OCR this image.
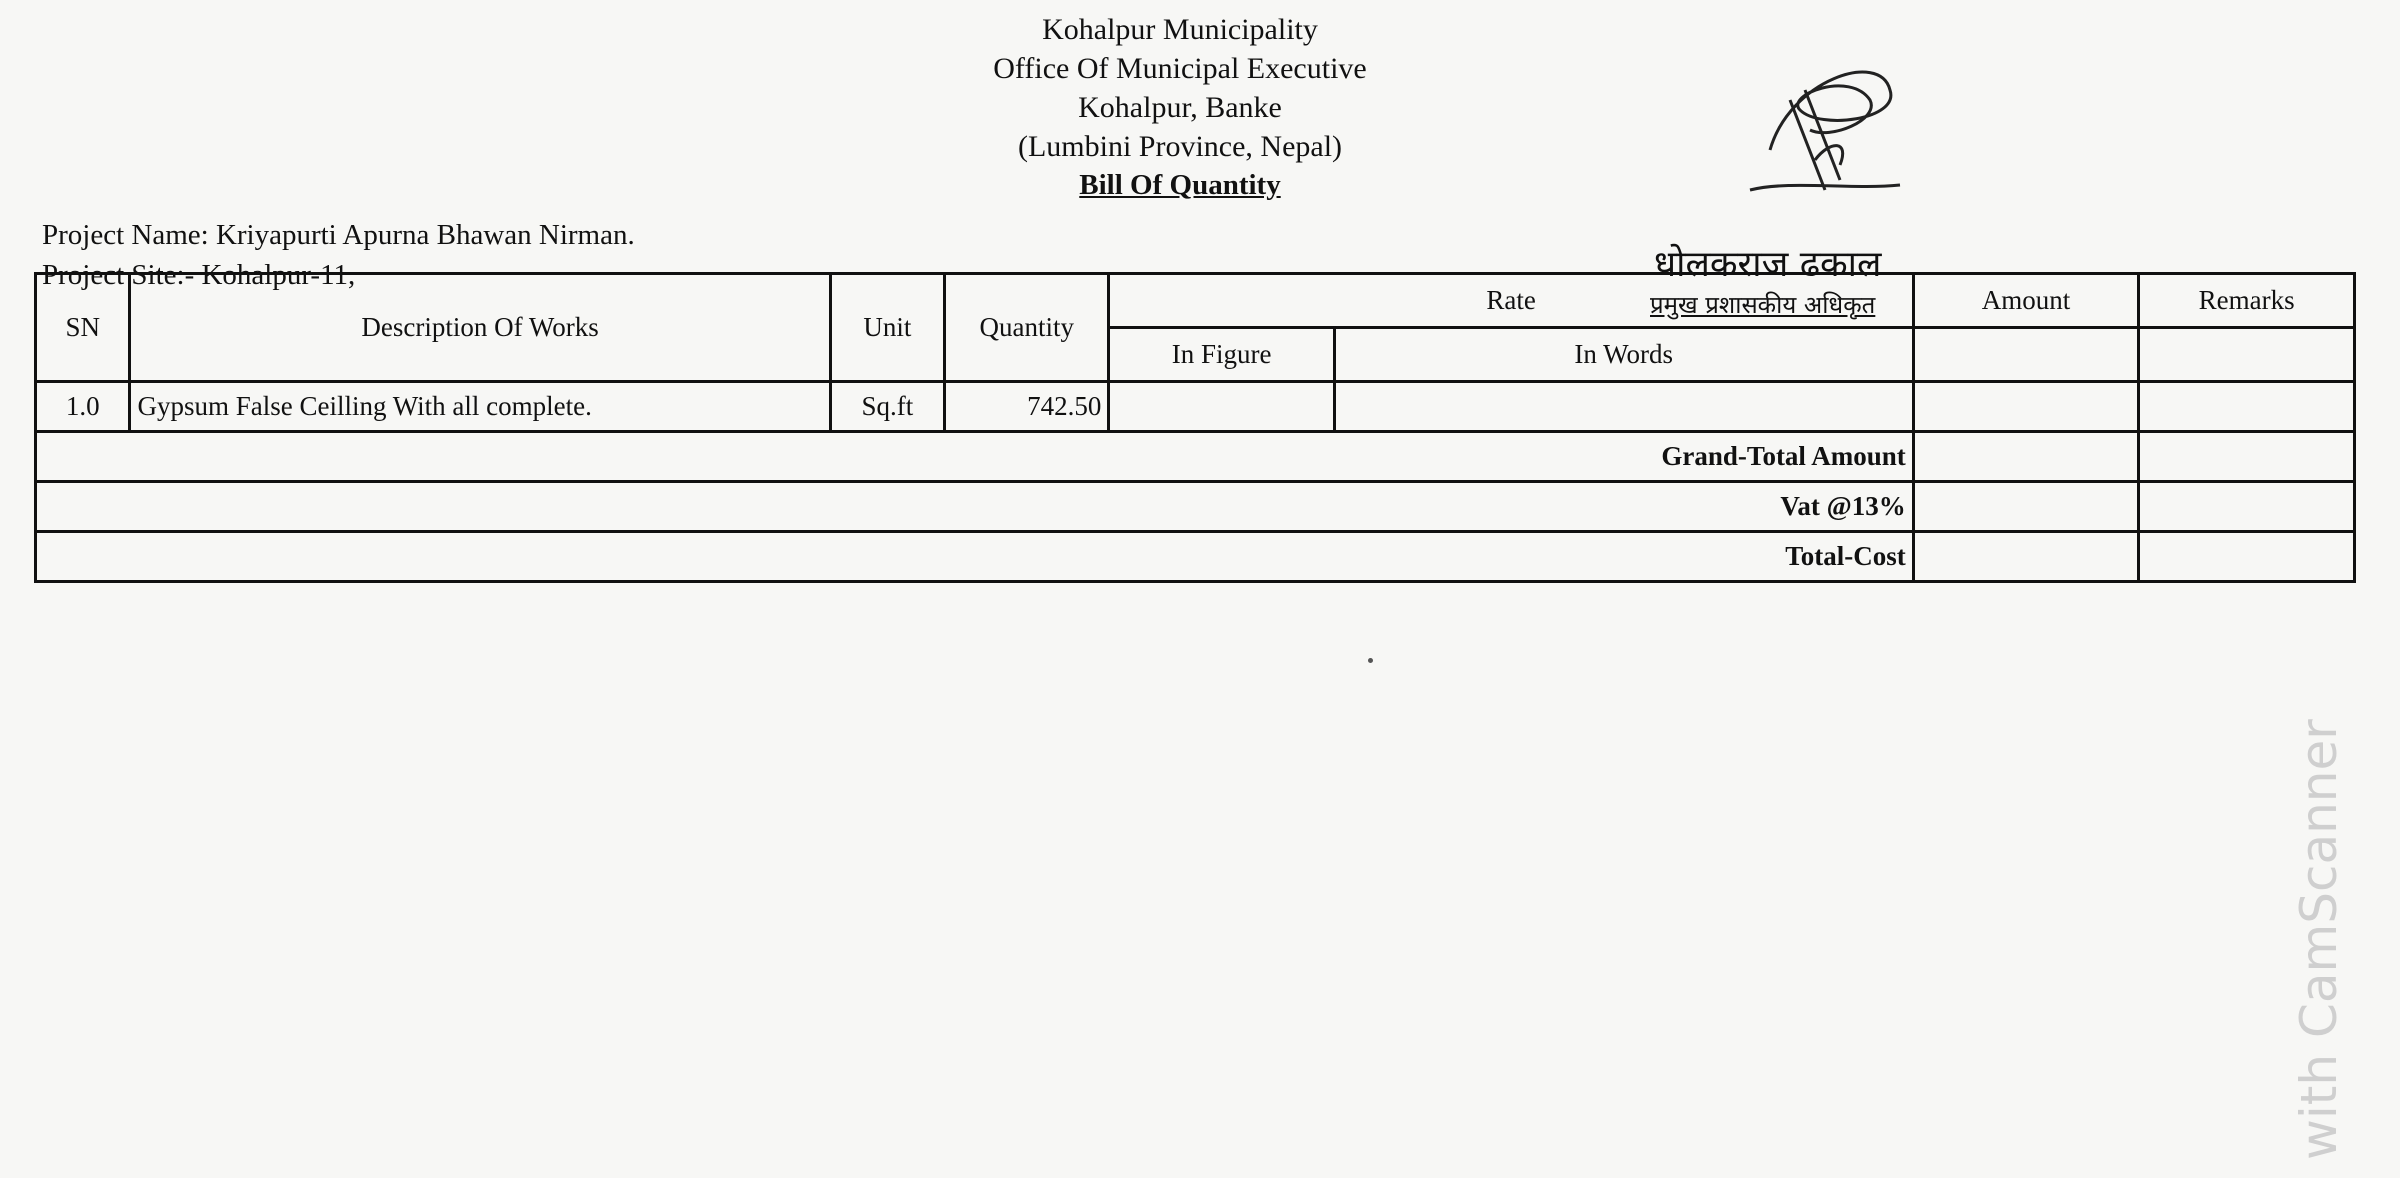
Kohalpur Municipality
Office Of Municipal Executive
Kohalpur, Banke
(Lumbini Province, Nepal)
Bill Of Quantity
Project Name: Kriyapurti Apurna Bhawan Nirman.
Project Site:- Kohalpur-11,	धोलकराज ढकाल
प्रमुख प्रशासकीय अधिकृत
SN	Description Of Works	Unit	Quantity	Rate		Amount	Remarks
				In Figure	In Words		
1.0	Gypsum False Ceilling With all complete.	Sq.ft	742.50				
Grand-Total Amount							
Vat @13%							
Total-Cost							
with CamScanner
